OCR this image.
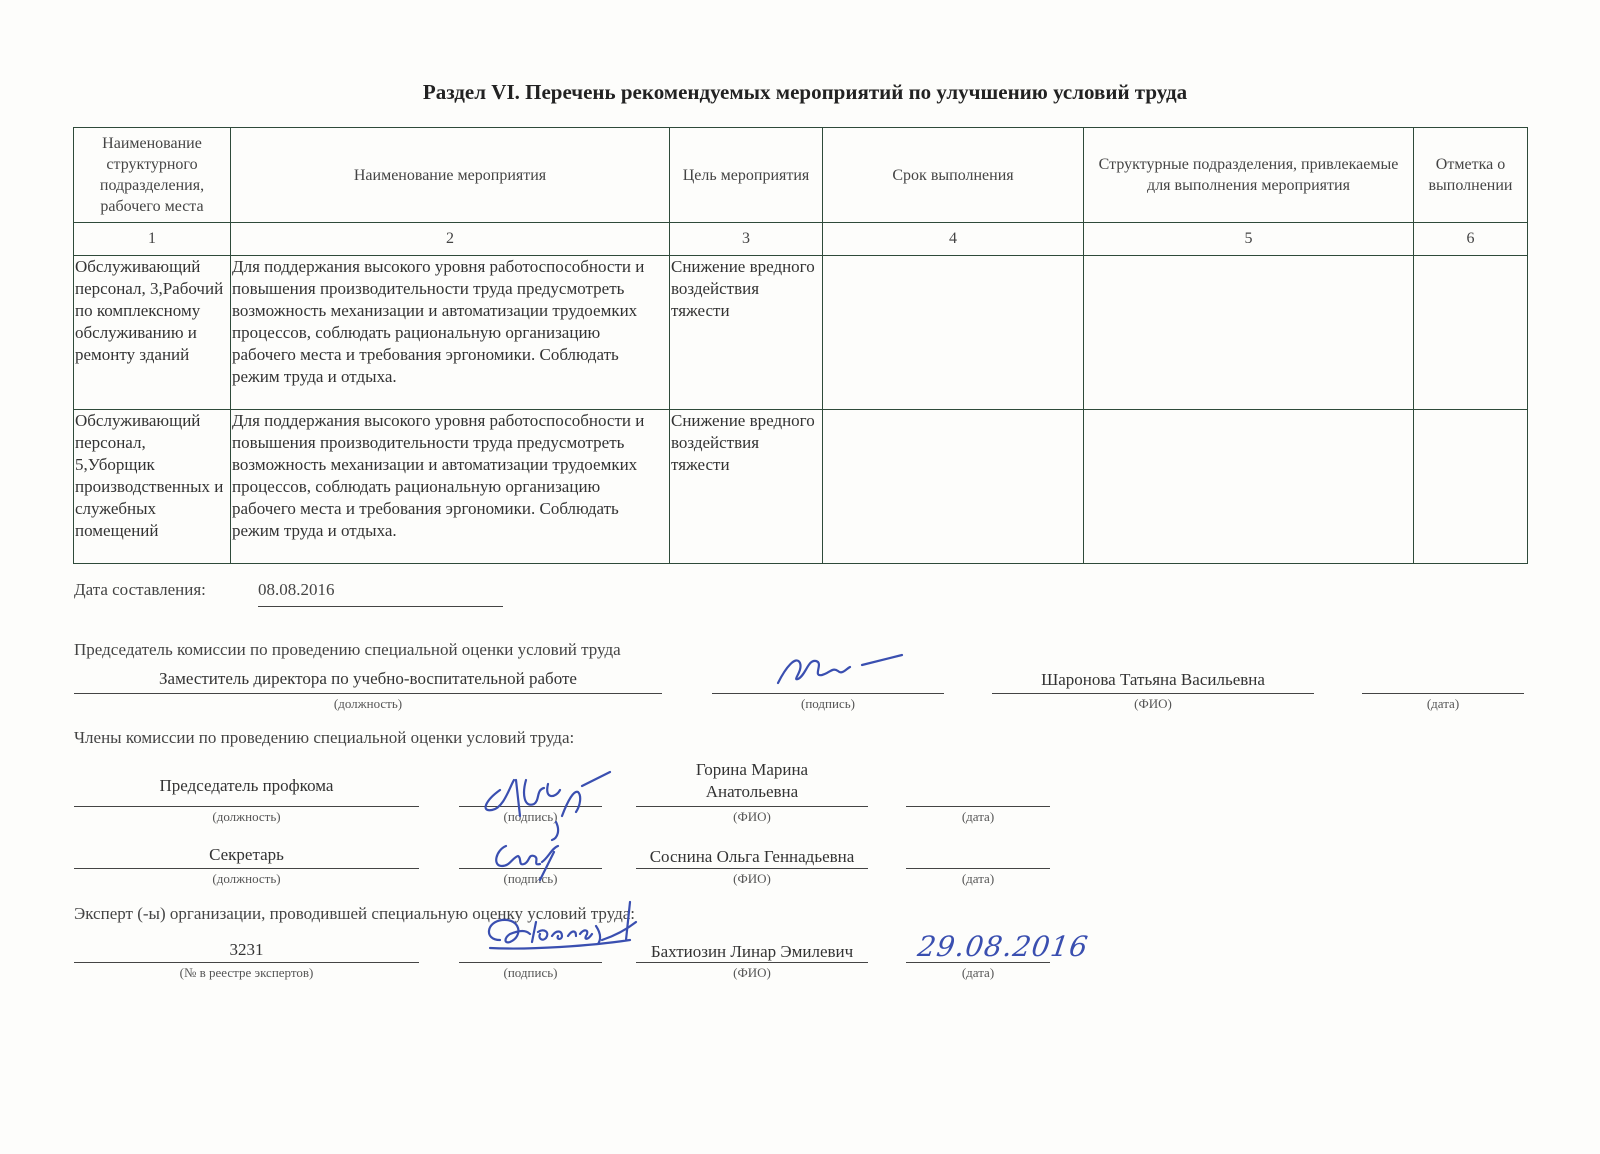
Раздел VI. Перечень рекомендуемых мероприятий по улучшению условий труда
Наименование структурного подразделения, рабочего места	Наименование мероприятия	Цель мероприятия	Срок выполнения	Структурные подразделения, привлекаемые для выполнения мероприятия	Отметка о выполнении
1	2	3	4	5	6
Обслуживающий персонал, 3,Рабочий по комплексному обслуживанию и ремонту зданий	Для поддержания высокого уровня работоспособности и повышения производительности труда предусмотреть возможность механизации и автоматизации трудоемких процессов, соблюдать рациональную организацию рабочего места и требования эргономики. Соблюдать режим труда и отдыха.	Снижение вредного воздействия тяжести			
Обслуживающий персонал, 5,Уборщик производственных и служебных помещений	Для поддержания высокого уровня работоспособности и повышения производительности труда предусмотреть возможность механизации и автоматизации трудоемких процессов, соблюдать рациональную организацию рабочего места и требования эргономики. Соблюдать режим труда и отдыха.	Снижение вредного воздействия тяжести			
Дата составления:	08.08.2016
Председатель комиссии по проведению специальной оценки условий труда
Заместитель директора по учебно-воспитательной работе
(должность)	(подпись)
Шаронова Татьяна Васильевна
(ФИО)	(дата)
Члены комиссии по проведению специальной оценки условий труда:
Председатель профкома
(должность)	(подпись)
Горина Марина
Анатольевна
(ФИО)	(дата)
Секретарь
(должность)	(подпись)
Соснина Ольга Геннадьевна
(ФИО)	(дата)
Эксперт (-ы) организации, проводившей специальную оценку условий труда:
3231
(№ в реестре экспертов)	(подпись)
Бахтиозин Линар Эмилевич
(ФИО)
29.08.2016
(дата)
